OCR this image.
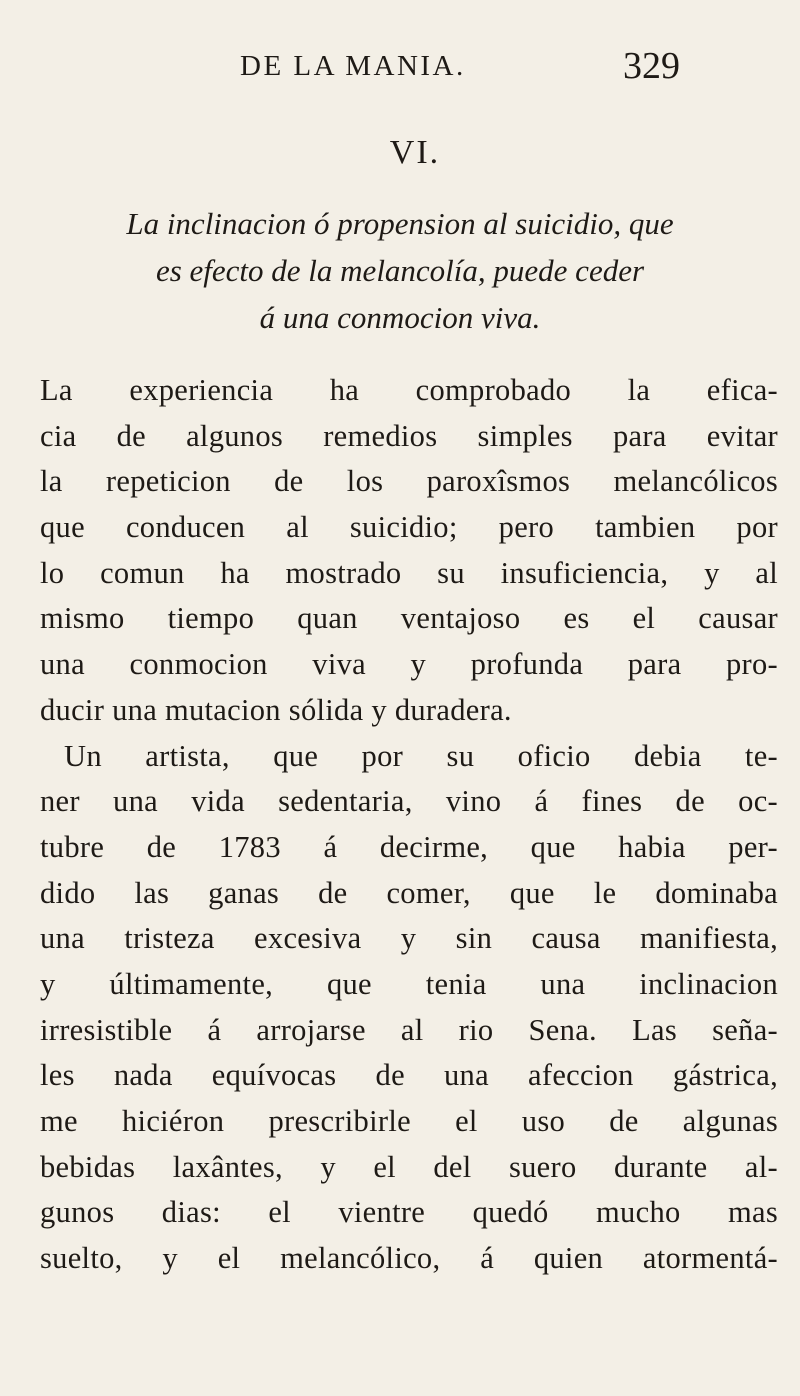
DE LA MANIA.	329
VI.
La inclinacion ó propension al suicidio, que
es efecto de la melancolía, puede ceder
á una conmocion viva.
La experiencia ha comprobado la efica-
cia de algunos remedios simples para evitar
la repeticion de los paroxîsmos melancólicos
que conducen al suicidio; pero tambien por
lo comun ha mostrado su insuficiencia, y al
mismo tiempo quan ventajoso es el causar
una conmocion viva y profunda para pro-
ducir una mutacion sólida y duradera.
Un artista, que por su oficio debia te-
ner una vida sedentaria, vino á fines de oc-
tubre de 1783 á decirme, que habia per-
dido las ganas de comer, que le dominaba
una tristeza excesiva y sin causa manifiesta,
y últimamente, que tenia una inclinacion
irresistible á arrojarse al rio Sena. Las seña-
les nada equívocas de una afeccion gástrica,
me hiciéron prescribirle el uso de algunas
bebidas laxântes, y el del suero durante al-
gunos dias: el vientre quedó mucho mas
suelto, y el melancólico, á quien atormentá-
